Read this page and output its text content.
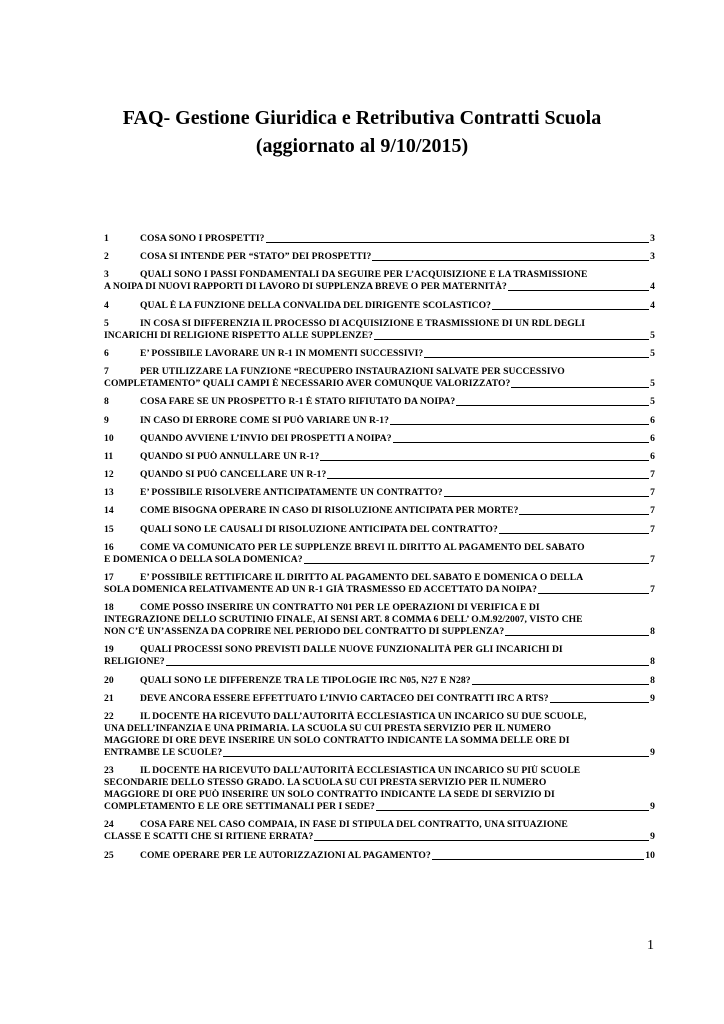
FAQ- Gestione Giuridica e Retributiva Contratti Scuola
(aggiornato al 9/10/2015)
1	COSA SONO I PROSPETTI?	3
2	COSA SI INTENDE PER “STATO” DEI PROSPETTI?	3
3	QUALI SONO I PASSI FONDAMENTALI DA SEGUIRE PER L’ACQUISIZIONE E LA TRASMISSIONE
A NOIPA DI NUOVI RAPPORTI DI LAVORO DI SUPPLENZA BREVE O PER MATERNITÀ?	4
4	QUAL È LA FUNZIONE DELLA CONVALIDA DEL DIRIGENTE SCOLASTICO?	4
5	IN COSA SI DIFFERENZIA IL PROCESSO DI ACQUISIZIONE E TRASMISSIONE DI UN RDL DEGLI
INCARICHI DI RELIGIONE RISPETTO ALLE SUPPLENZE?	5
6	E’ POSSIBILE LAVORARE UN R-1 IN MOMENTI SUCCESSIVI?	5
7	PER UTILIZZARE LA FUNZIONE “RECUPERO INSTAURAZIONI SALVATE PER SUCCESSIVO
COMPLETAMENTO” QUALI CAMPI È NECESSARIO AVER COMUNQUE VALORIZZATO?	5
8	COSA FARE SE UN PROSPETTO R-1 È STATO RIFIUTATO DA NOIPA?	5
9	IN CASO DI ERRORE COME SI PUÒ VARIARE UN R-1?	6
10	QUANDO AVVIENE L’INVIO DEI PROSPETTI A NOIPA?	6
11	QUANDO SI PUÒ ANNULLARE UN R-1?	6
12	QUANDO SI PUÒ CANCELLARE UN R-1?	7
13	E’ POSSIBILE RISOLVERE ANTICIPATAMENTE UN CONTRATTO?	7
14	COME BISOGNA OPERARE IN CASO DI RISOLUZIONE ANTICIPATA PER MORTE?	7
15	QUALI SONO LE CAUSALI DI RISOLUZIONE ANTICIPATA DEL CONTRATTO?	7
16	COME VA COMUNICATO PER LE SUPPLENZE BREVI IL DIRITTO AL PAGAMENTO DEL SABATO
E DOMENICA O DELLA SOLA DOMENICA?	7
17	E’ POSSIBILE RETTIFICARE IL DIRITTO AL PAGAMENTO DEL SABATO E DOMENICA O DELLA
SOLA DOMENICA RELATIVAMENTE AD UN R-1 GIÀ TRASMESSO ED ACCETTATO DA NOIPA?	7
18	COME POSSO INSERIRE UN CONTRATTO N01 PER LE OPERAZIONI DI VERIFICA E DI
INTEGRAZIONE DELLO SCRUTINIO FINALE, AI SENSI ART. 8 COMMA 6 DELL’ O.M.92/2007, VISTO CHE
NON C’È UN’ASSENZA DA COPRIRE NEL PERIODO DEL CONTRATTO DI SUPPLENZA?	8
19	QUALI PROCESSI SONO PREVISTI DALLE NUOVE FUNZIONALITÀ PER GLI INCARICHI DI
RELIGIONE?	8
20	QUALI SONO LE DIFFERENZE TRA LE TIPOLOGIE IRC N05, N27 E N28?	8
21	DEVE ANCORA ESSERE EFFETTUATO L’INVIO CARTACEO DEI CONTRATTI IRC A RTS?	9
22	IL DOCENTE HA RICEVUTO DALL’AUTORITÀ ECCLESIASTICA UN INCARICO SU DUE SCUOLE,
UNA DELL’INFANZIA E UNA PRIMARIA. LA SCUOLA SU CUI PRESTA SERVIZIO PER IL NUMERO
MAGGIORE DI ORE DEVE INSERIRE UN SOLO CONTRATTO INDICANTE LA SOMMA DELLE ORE DI
ENTRAMBE LE SCUOLE?	9
23	IL DOCENTE HA RICEVUTO DALL’AUTORITÀ ECCLESIASTICA UN INCARICO SU PIÙ SCUOLE
SECONDARIE DELLO STESSO GRADO. LA SCUOLA SU CUI PRESTA SERVIZIO PER IL NUMERO
MAGGIORE DI ORE PUÒ INSERIRE UN SOLO CONTRATTO INDICANTE LA SEDE DI SERVIZIO DI
COMPLETAMENTO E LE ORE SETTIMANALI PER I SEDE?	9
24	COSA FARE NEL CASO COMPAIA, IN FASE DI STIPULA DEL CONTRATTO, UNA SITUAZIONE
CLASSE E SCATTI CHE SI RITIENE ERRATA?	9
25	COME OPERARE PER LE AUTORIZZAZIONI AL PAGAMENTO?	10
1
